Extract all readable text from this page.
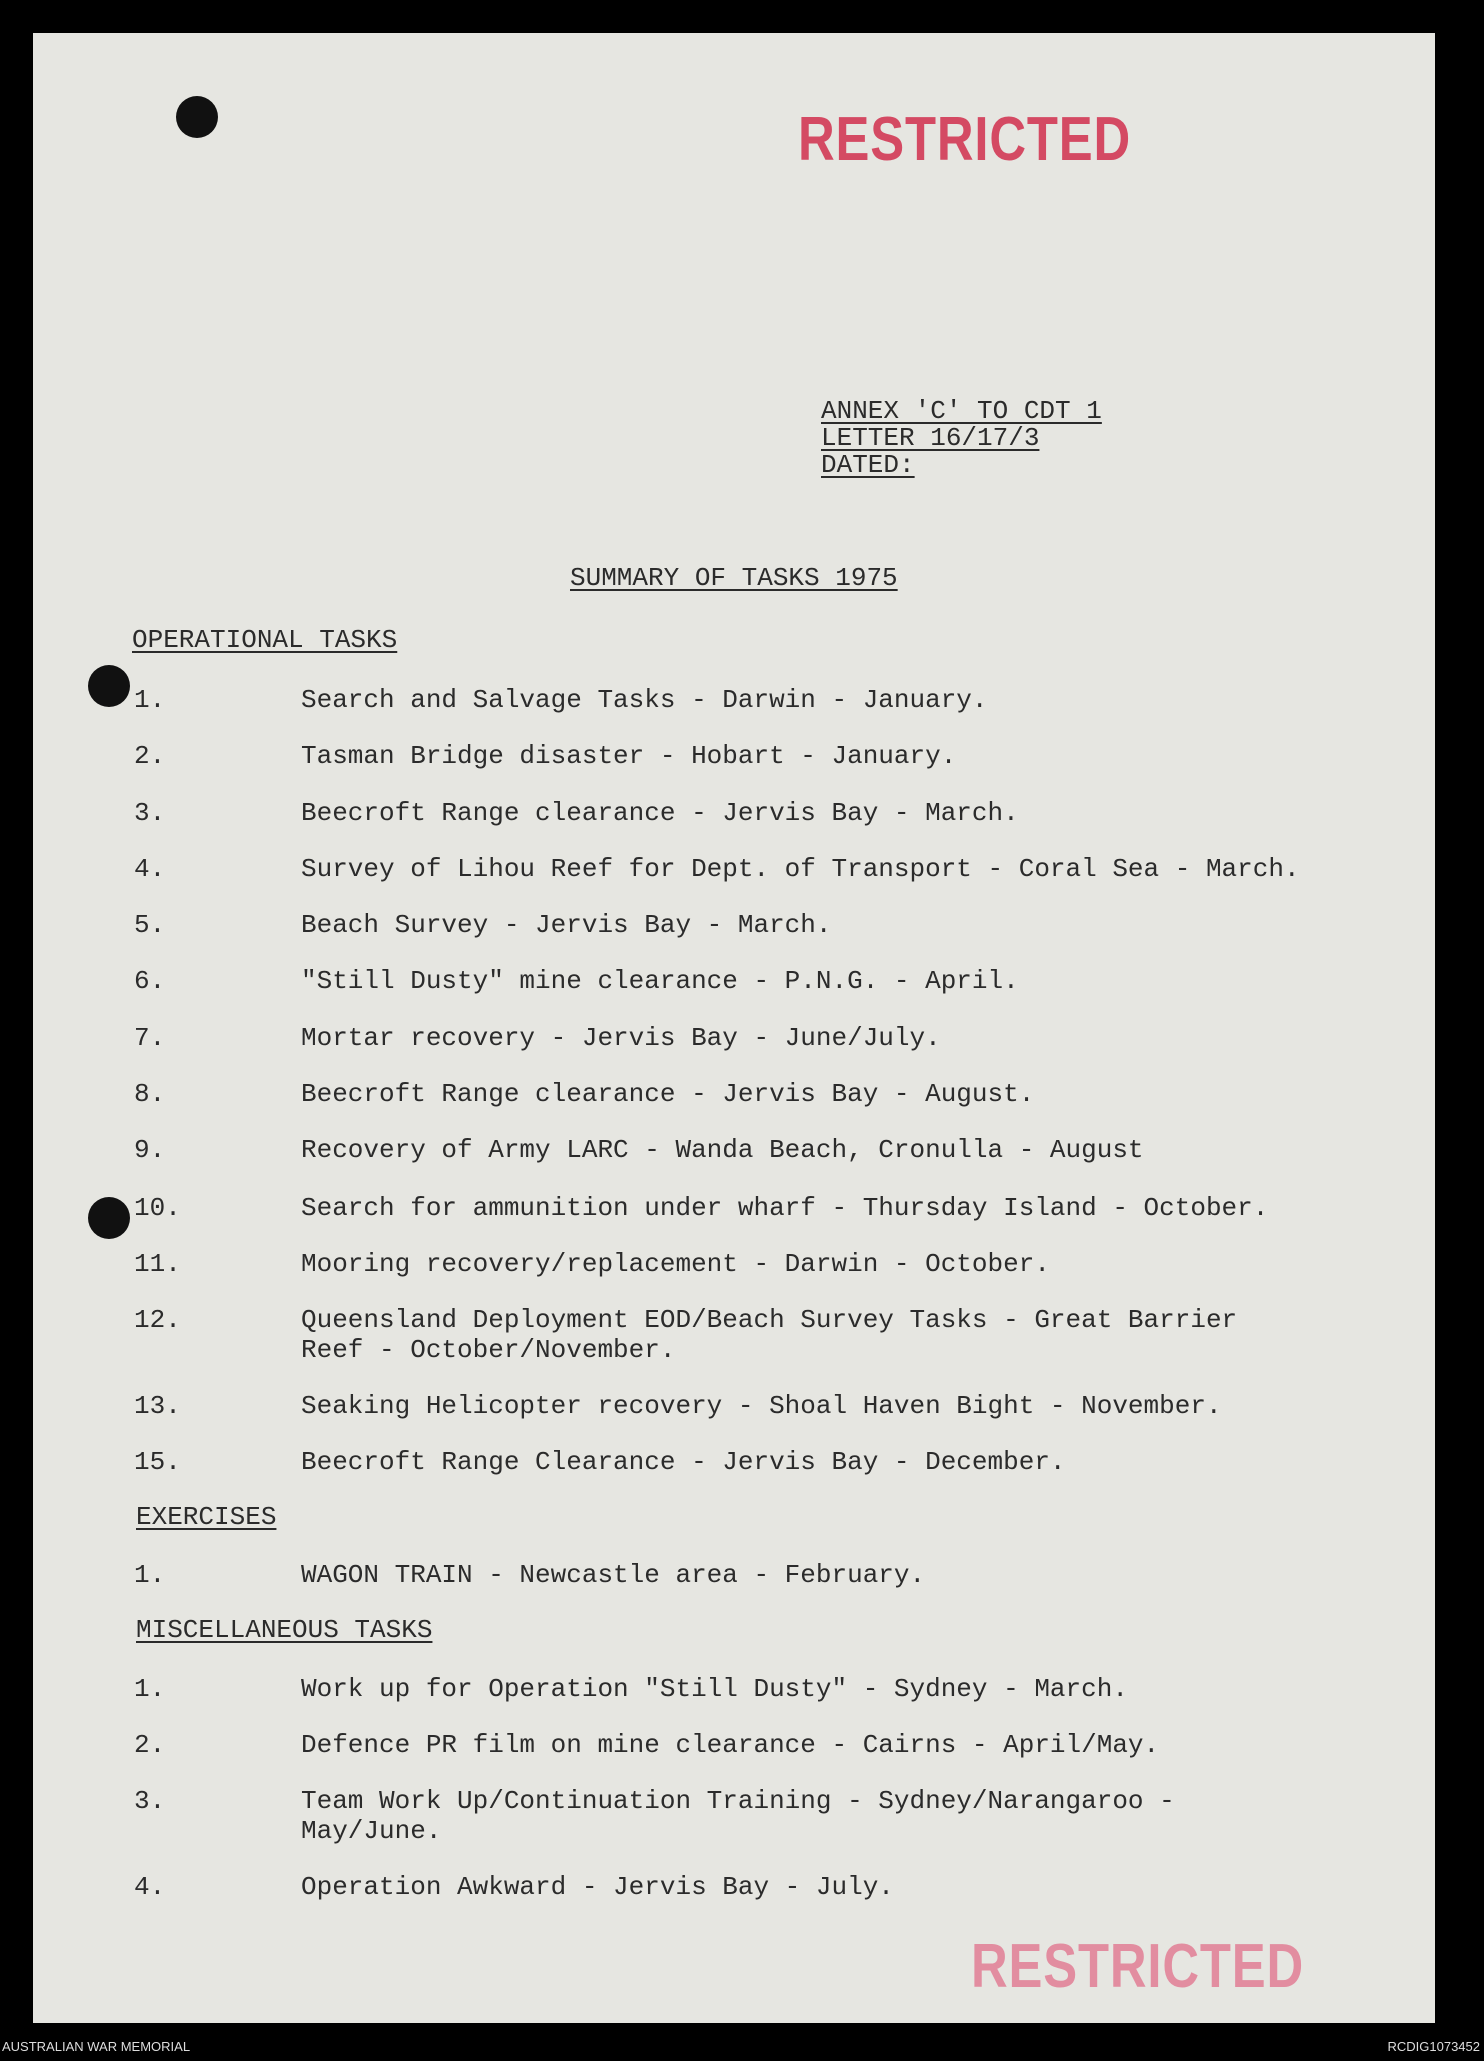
RESTRICTED
ANNEX 'C' TO CDT 1
LETTER 16/17/3
DATED:
SUMMARY OF TASKS 1975
OPERATIONAL TASKS
1.	Search and Salvage Tasks - Darwin - January.
2.	Tasman Bridge disaster - Hobart - January.
3.	Beecroft Range clearance - Jervis Bay - March.
4.	Survey of Lihou Reef for Dept. of Transport - Coral Sea - March.
5.	Beach Survey - Jervis Bay - March.
6.	"Still Dusty" mine clearance - P.N.G. - April.
7.	Mortar recovery - Jervis Bay - June/July.
8.	Beecroft Range clearance - Jervis Bay - August.
9.	Recovery of Army LARC - Wanda Beach, Cronulla - August
10.	Search for ammunition under wharf - Thursday Island - October.
11.	Mooring recovery/replacement - Darwin - October.
12.	Queensland Deployment EOD/Beach Survey Tasks - Great Barrier Reef - October/November.
13.	Seaking Helicopter recovery - Shoal Haven Bight - November.
15.	Beecroft Range Clearance - Jervis Bay - December.
EXERCISES
1.	WAGON TRAIN - Newcastle area - February.
MISCELLANEOUS TASKS
1.	Work up for Operation "Still Dusty" - Sydney - March.
2.	Defence PR film on mine clearance - Cairns - April/May.
3.	Team Work Up/Continuation Training - Sydney/Narangaroo - May/June.
4.	Operation Awkward - Jervis Bay - July.
RESTRICTED
AUSTRALIAN WAR MEMORIAL	RCDIG1073452
